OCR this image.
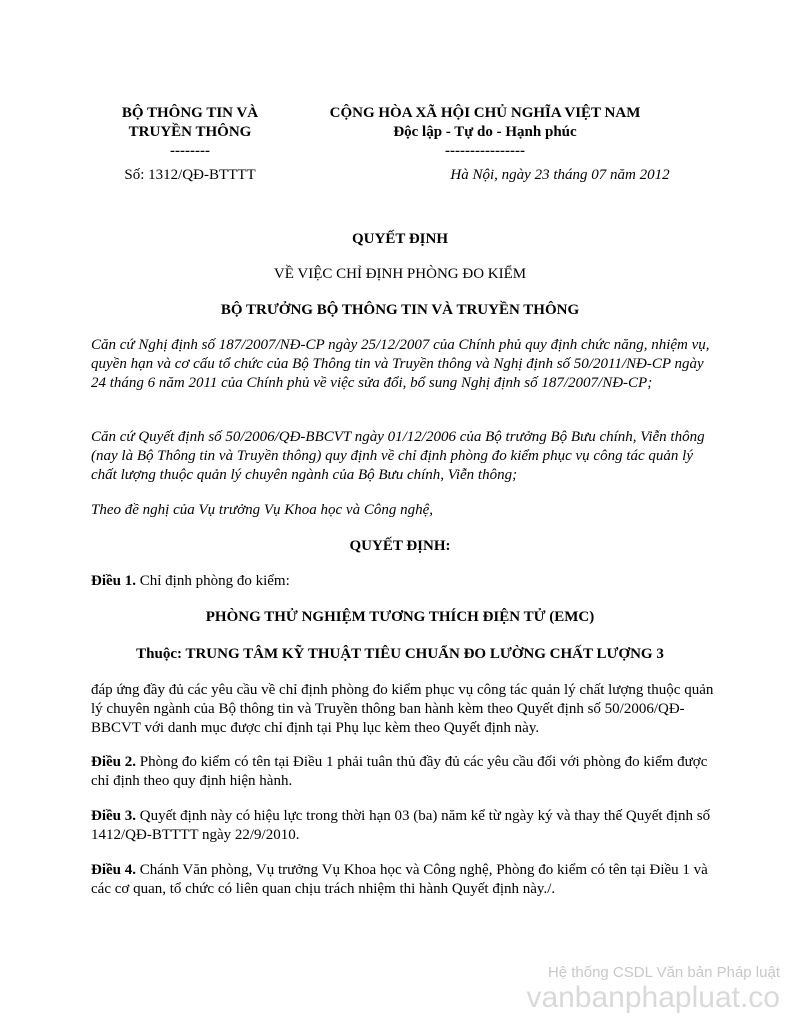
BỘ THÔNG TIN VÀ
TRUYỀN THÔNG
--------
Số: 1312/QĐ-BTTTT
CỘNG HÒA XÃ HỘI CHỦ NGHĨA VIỆT NAM
Độc lập - Tự do - Hạnh phúc
----------------
Hà Nội, ngày 23 tháng 07 năm 2012
QUYẾT ĐỊNH
VỀ VIỆC CHỈ ĐỊNH PHÒNG ĐO KIỂM
BỘ TRƯỞNG BỘ THÔNG TIN VÀ TRUYỀN THÔNG
Căn cứ Nghị định số 187/2007/NĐ-CP ngày 25/12/2007 của Chính phủ quy định chức năng, nhiệm vụ, quyền hạn và cơ cấu tổ chức của Bộ Thông tin và Truyền thông và Nghị định số 50/2011/NĐ-CP ngày 24 tháng 6 năm 2011 của Chính phủ về việc sửa đổi, bổ sung Nghị định số 187/2007/NĐ-CP;
Căn cứ Quyết định số 50/2006/QĐ-BBCVT ngày 01/12/2006 của Bộ trưởng Bộ Bưu chính, Viễn thông (nay là Bộ Thông tin và Truyền thông) quy định về chỉ định phòng đo kiểm phục vụ công tác quản lý chất lượng thuộc quản lý chuyên ngành của Bộ Bưu chính, Viễn thông;
Theo đề nghị của Vụ trưởng Vụ Khoa học và Công nghệ,
QUYẾT ĐỊNH:
Điều 1. Chỉ định phòng đo kiểm:
PHÒNG THỬ NGHIỆM TƯƠNG THÍCH ĐIỆN TỬ (EMC)
Thuộc: TRUNG TÂM KỸ THUẬT TIÊU CHUẨN ĐO LƯỜNG CHẤT LƯỢNG 3
đáp ứng đầy đủ các yêu cầu về chỉ định phòng đo kiểm phục vụ công tác quản lý chất lượng thuộc quản lý chuyên ngành của Bộ thông tin và Truyền thông ban hành kèm theo Quyết định số 50/2006/QĐ-BBCVT với danh mục được chỉ định tại Phụ lục kèm theo Quyết định này.
Điều 2. Phòng đo kiểm có tên tại Điều 1 phải tuân thủ đầy đủ các yêu cầu đối với phòng đo kiểm được chỉ định theo quy định hiện hành.
Điều 3. Quyết định này có hiệu lực trong thời hạn 03 (ba) năm kể từ ngày ký và thay thế Quyết định số 1412/QĐ-BTTTT ngày 22/9/2010.
Điều 4. Chánh Văn phòng, Vụ trưởng Vụ Khoa học và Công nghệ, Phòng đo kiểm có tên tại Điều 1 và các cơ quan, tổ chức có liên quan chịu trách nhiệm thi hành Quyết định này./.
Hệ thống CSDL Văn bản Pháp luật
vanbanphapluat.co
